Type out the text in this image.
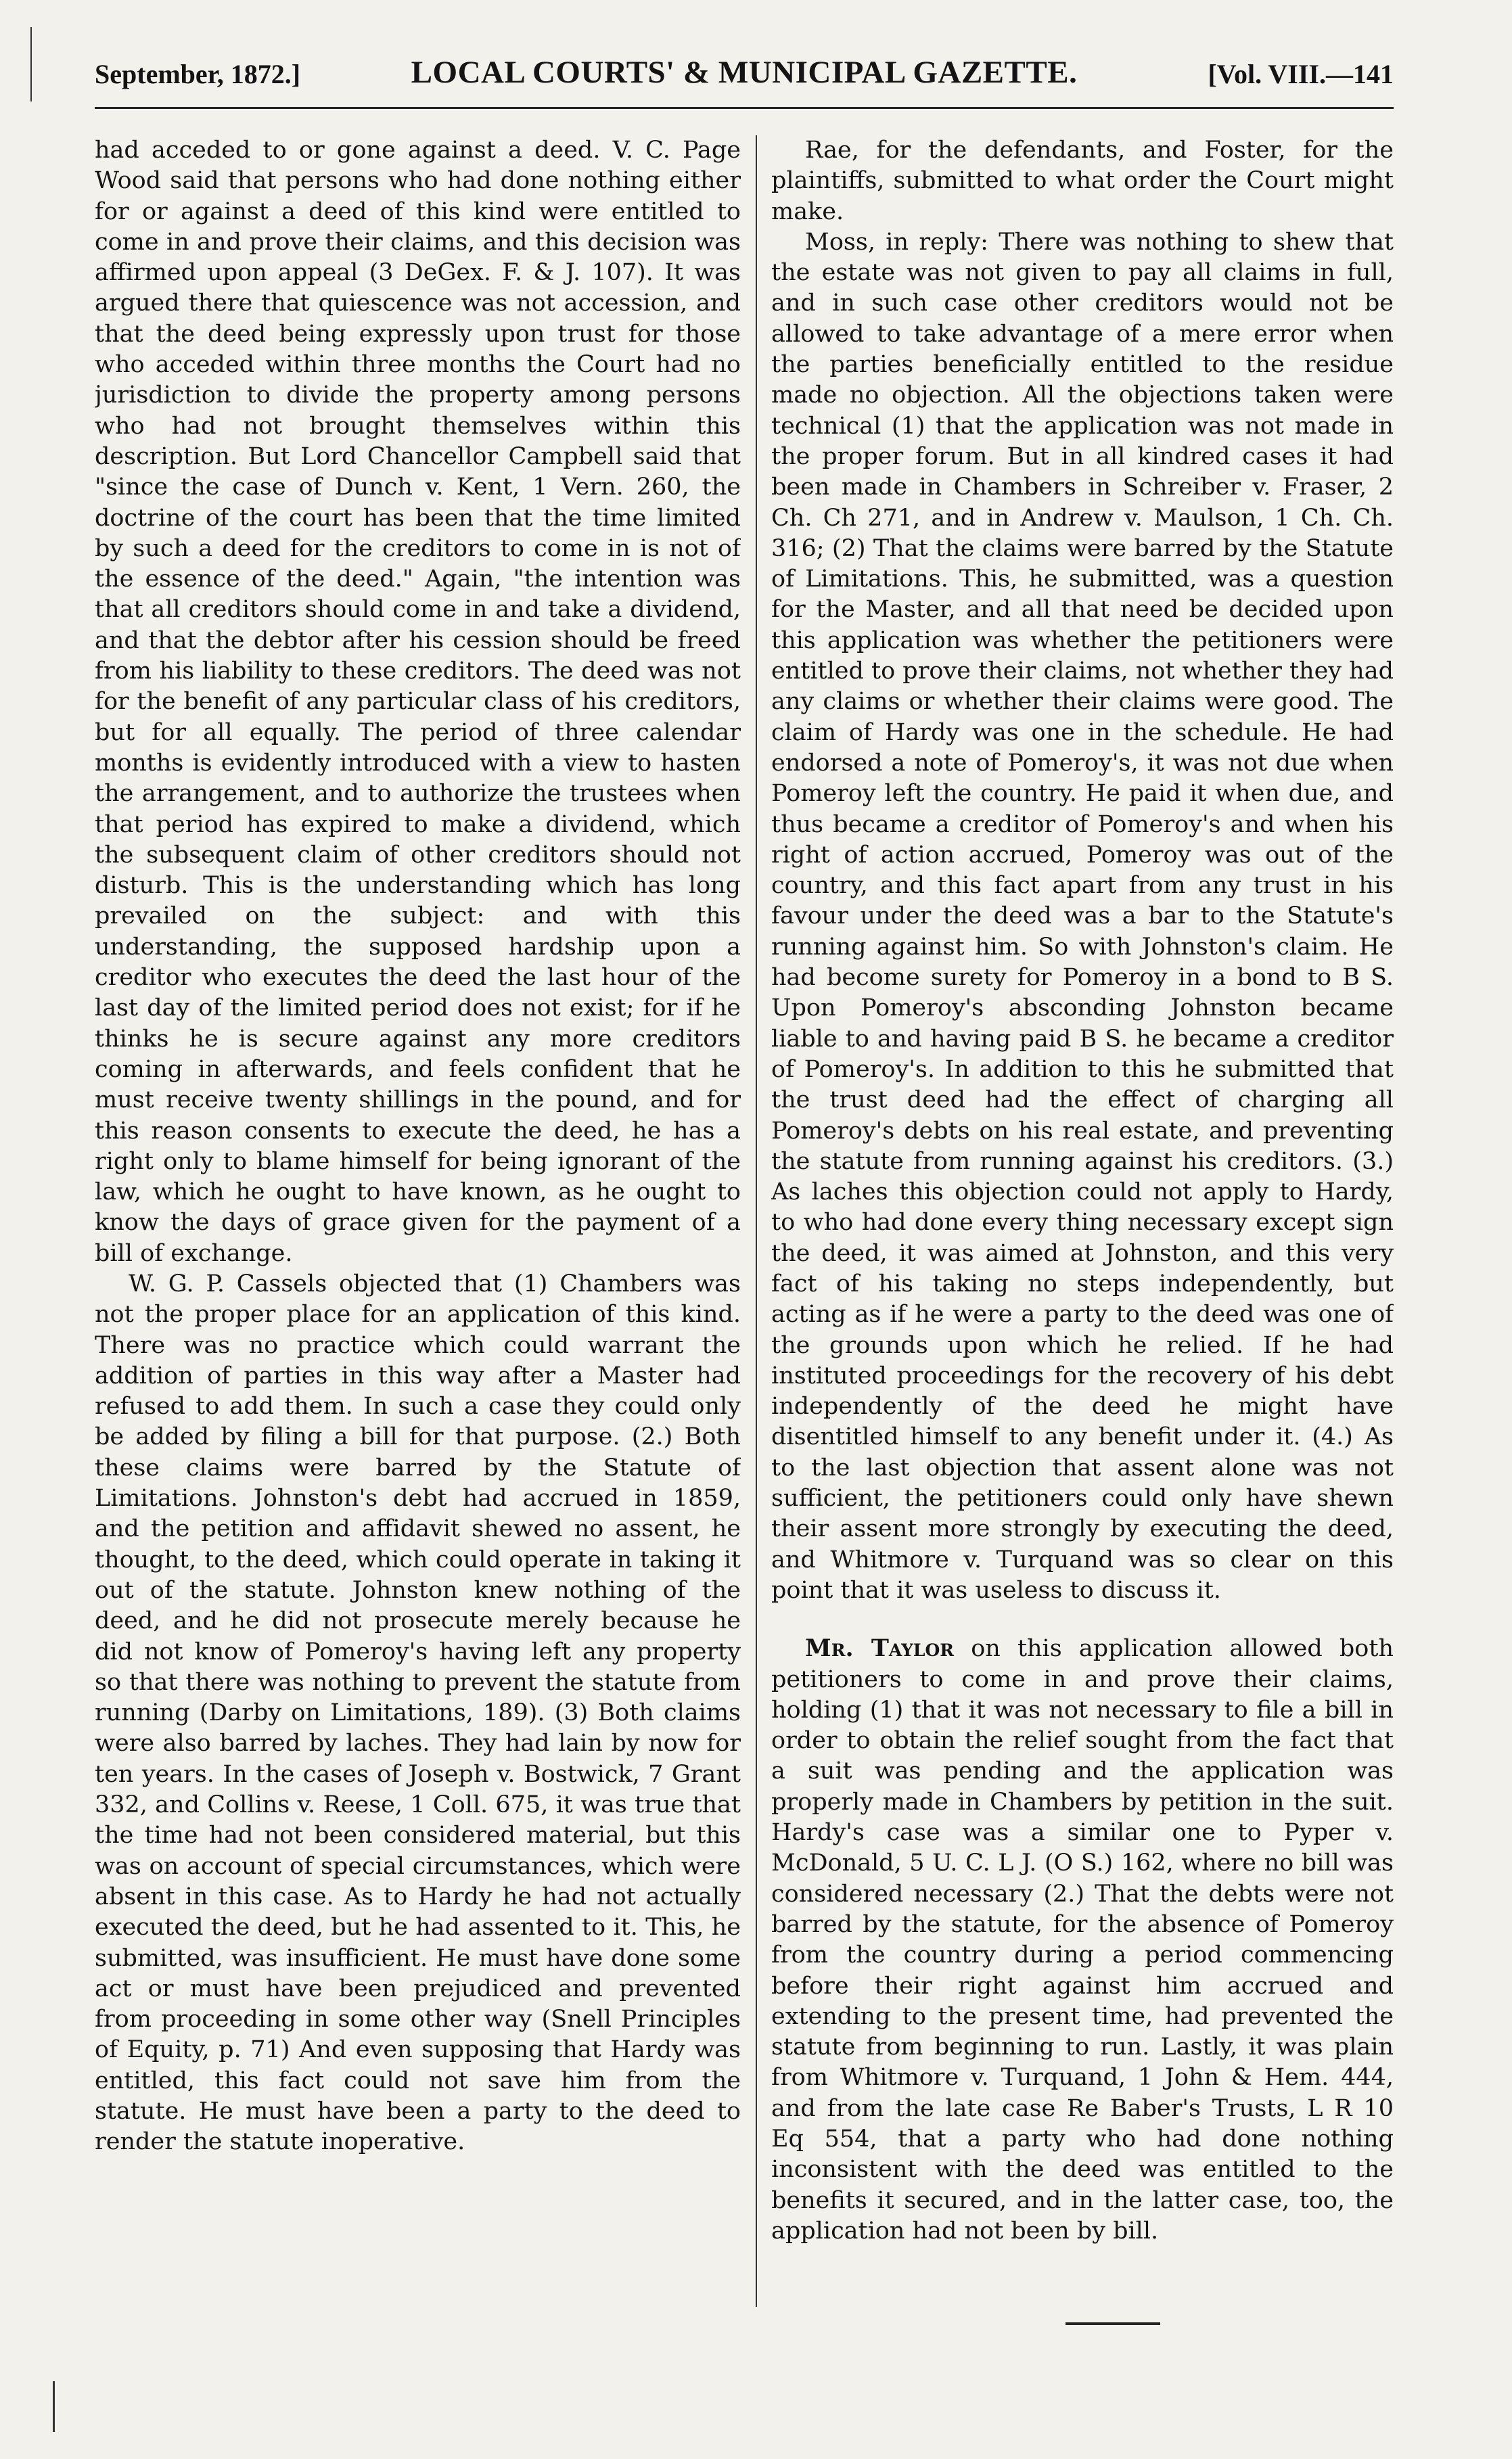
September, 1872.]	LOCAL COURTS' & MUNICIPAL GAZETTE.	[Vol. VIII.—141

had acceded to or gone against a deed. V. C. Page Wood said that persons who had done nothing either for or against a deed of this kind were entitled to come in and prove their claims, and this decision was affirmed upon appeal (3 DeGex. F. & J. 107). It was argued there that quiescence was not accession, and that the deed being expressly upon trust for those who acceded within three months the Court had no jurisdiction to divide the property among persons who had not brought themselves within this description. But Lord Chancellor Campbell said that "since the case of Dunch v. Kent, 1 Vern. 260, the doctrine of the court has been that the time limited by such a deed for the creditors to come in is not of the essence of the deed." Again, "the intention was that all creditors should come in and take a dividend, and that the debtor after his cession should be freed from his liability to these creditors. The deed was not for the benefit of any particular class of his creditors, but for all equally. The period of three calendar months is evidently introduced with a view to hasten the arrangement, and to authorize the trustees when that period has expired to make a dividend, which the subsequent claim of other creditors should not disturb. This is the understanding which has long prevailed on the subject: and with this understanding, the supposed hardship upon a creditor who executes the deed the last hour of the last day of the limited period does not exist; for if he thinks he is secure against any more creditors coming in afterwards, and feels confident that he must receive twenty shillings in the pound, and for this reason consents to execute the deed, he has a right only to blame himself for being ignorant of the law, which he ought to have known, as he ought to know the days of grace given for the payment of a bill of exchange.

W. G. P. Cassels objected that (1) Chambers was not the proper place for an application of this kind. There was no practice which could warrant the addition of parties in this way after a Master had refused to add them. In such a case they could only be added by filing a bill for that purpose. (2.) Both these claims were barred by the Statute of Limitations. Johnston's debt had accrued in 1859, and the petition and affidavit shewed no assent, he thought, to the deed, which could operate in taking it out of the statute. Johnston knew nothing of the deed, and he did not prosecute merely because he did not know of Pomeroy's having left any property so that there was nothing to prevent the statute from running (Darby on Limitations, 189). (3) Both claims were also barred by laches. They had lain by now for ten years. In the cases of Joseph v. Bostwick, 7 Grant 332, and Collins v. Reese, 1 Coll. 675, it was true that the time had not been considered material, but this was on account of special circumstances, which were absent in this case. As to Hardy he had not actually executed the deed, but he had assented to it. This, he submitted, was insufficient. He must have done some act or must have been prejudiced and prevented from proceeding in some other way (Snell Principles of Equity, p. 71) And even supposing that Hardy was entitled, this fact could not save him from the statute. He must have been a party to the deed to render the statute inoperative.

Rae, for the defendants, and Foster, for the plaintiffs, submitted to what order the Court might make.

Moss, in reply: There was nothing to shew that the estate was not given to pay all claims in full, and in such case other creditors would not be allowed to take advantage of a mere error when the parties beneficially entitled to the residue made no objection. All the objections taken were technical (1) that the application was not made in the proper forum. But in all kindred cases it had been made in Chambers in Schreiber v. Fraser, 2 Ch. Ch 271, and in Andrew v. Maulson, 1 Ch. Ch. 316; (2) That the claims were barred by the Statute of Limitations. This, he submitted, was a question for the Master, and all that need be decided upon this application was whether the petitioners were entitled to prove their claims, not whether they had any claims or whether their claims were good. The claim of Hardy was one in the schedule. He had endorsed a note of Pomeroy's, it was not due when Pomeroy left the country. He paid it when due, and thus became a creditor of Pomeroy's and when his right of action accrued, Pomeroy was out of the country, and this fact apart from any trust in his favour under the deed was a bar to the Statute's running against him. So with Johnston's claim. He had become surety for Pomeroy in a bond to B S. Upon Pomeroy's absconding Johnston became liable to and having paid B S. he became a creditor of Pomeroy's. In addition to this he submitted that the trust deed had the effect of charging all Pomeroy's debts on his real estate, and preventing the statute from running against his creditors. (3.) As laches this objection could not apply to Hardy, to who had done every thing necessary except sign the deed, it was aimed at Johnston, and this very fact of his taking no steps independently, but acting as if he were a party to the deed was one of the grounds upon which he relied. If he had instituted proceedings for the recovery of his debt independently of the deed he might have disentitled himself to any benefit under it. (4.) As to the last objection that assent alone was not sufficient, the petitioners could only have shewn their assent more strongly by executing the deed, and Whitmore v. Turquand was so clear on this point that it was useless to discuss it.

Mr. Taylor on this application allowed both petitioners to come in and prove their claims, holding (1) that it was not necessary to file a bill in order to obtain the relief sought from the fact that a suit was pending and the application was properly made in Chambers by petition in the suit. Hardy's case was a similar one to Pyper v. McDonald, 5 U. C. L J. (O S.) 162, where no bill was considered necessary (2.) That the debts were not barred by the statute, for the absence of Pomeroy from the country during a period commencing before their right against him accrued and extending to the present time, had prevented the statute from beginning to run. Lastly, it was plain from Whitmore v. Turquand, 1 John & Hem. 444, and from the late case Re Baber's Trusts, L R 10 Eq 554, that a party who had done nothing inconsistent with the deed was entitled to the benefits it secured, and in the latter case, too, the application had not been by bill.
